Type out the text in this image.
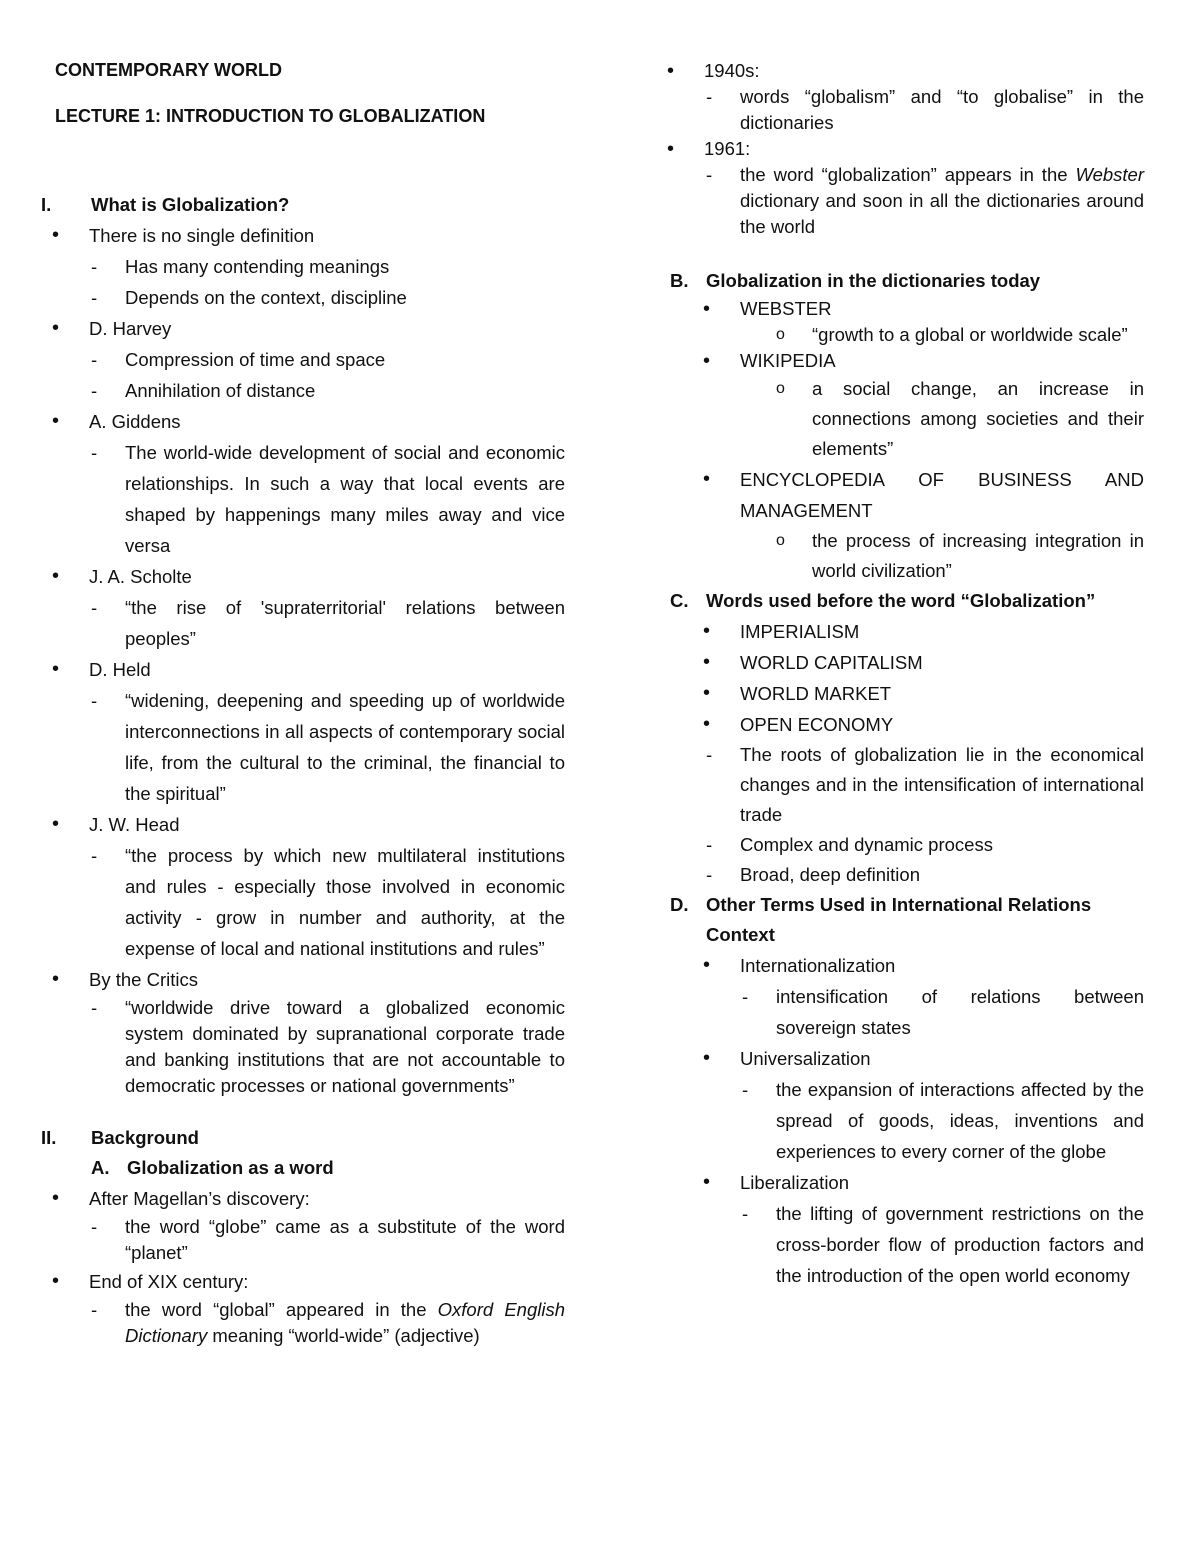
CONTEMPORARY WORLD
LECTURE 1: INTRODUCTION TO GLOBALIZATION
I. What is Globalization?
• There is no single definition
- Has many contending meanings
- Depends on the context, discipline
• D. Harvey
- Compression of time and space
- Annihilation of distance
• A. Giddens
- The world-wide development of social and economic relationships. In such a way that local events are shaped by happenings many miles away and vice versa
• J. A. Scholte
- “the rise of 'supraterritorial' relations between peoples”
• D. Held
- “widening, deepening and speeding up of worldwide interconnections in all aspects of contemporary social life, from the cultural to the criminal, the financial to the spiritual”
• J. W. Head
- “the process by which new multilateral institutions and rules - especially those involved in economic activity - grow in number and authority, at the expense of local and national institutions and rules”
• By the Critics
- “worldwide drive toward a globalized economic system dominated by supranational corporate trade and banking institutions that are not accountable to democratic processes or national governments”
II. Background
A. Globalization as a word
• After Magellan’s discovery:
- the word “globe” came as a substitute of the word “planet”
• End of XIX century:
- the word “global” appeared in the Oxford English Dictionary meaning “world-wide” (adjective)
• 1940s:
- words “globalism” and “to globalise” in the dictionaries
• 1961:
- the word “globalization” appears in the Webster dictionary and soon in all the dictionaries around the world
B. Globalization in the dictionaries today
• WEBSTER
o “growth to a global or worldwide scale”
• WIKIPEDIA
o a social change, an increase in connections among societies and their elements”
• ENCYCLOPEDIA OF BUSINESS AND MANAGEMENT
o the process of increasing integration in world civilization”
C. Words used before the word “Globalization”
• IMPERIALISM
• WORLD CAPITALISM
• WORLD MARKET
• OPEN ECONOMY
- The roots of globalization lie in the economical changes and in the intensification of international trade
- Complex and dynamic process
- Broad, deep definition
D. Other Terms Used in International Relations Context
• Internationalization
- intensification of relations between sovereign states
• Universalization
- the expansion of interactions affected by the spread of goods, ideas, inventions and experiences to every corner of the globe
• Liberalization
- the lifting of government restrictions on the cross-border flow of production factors and the introduction of the open world economy
